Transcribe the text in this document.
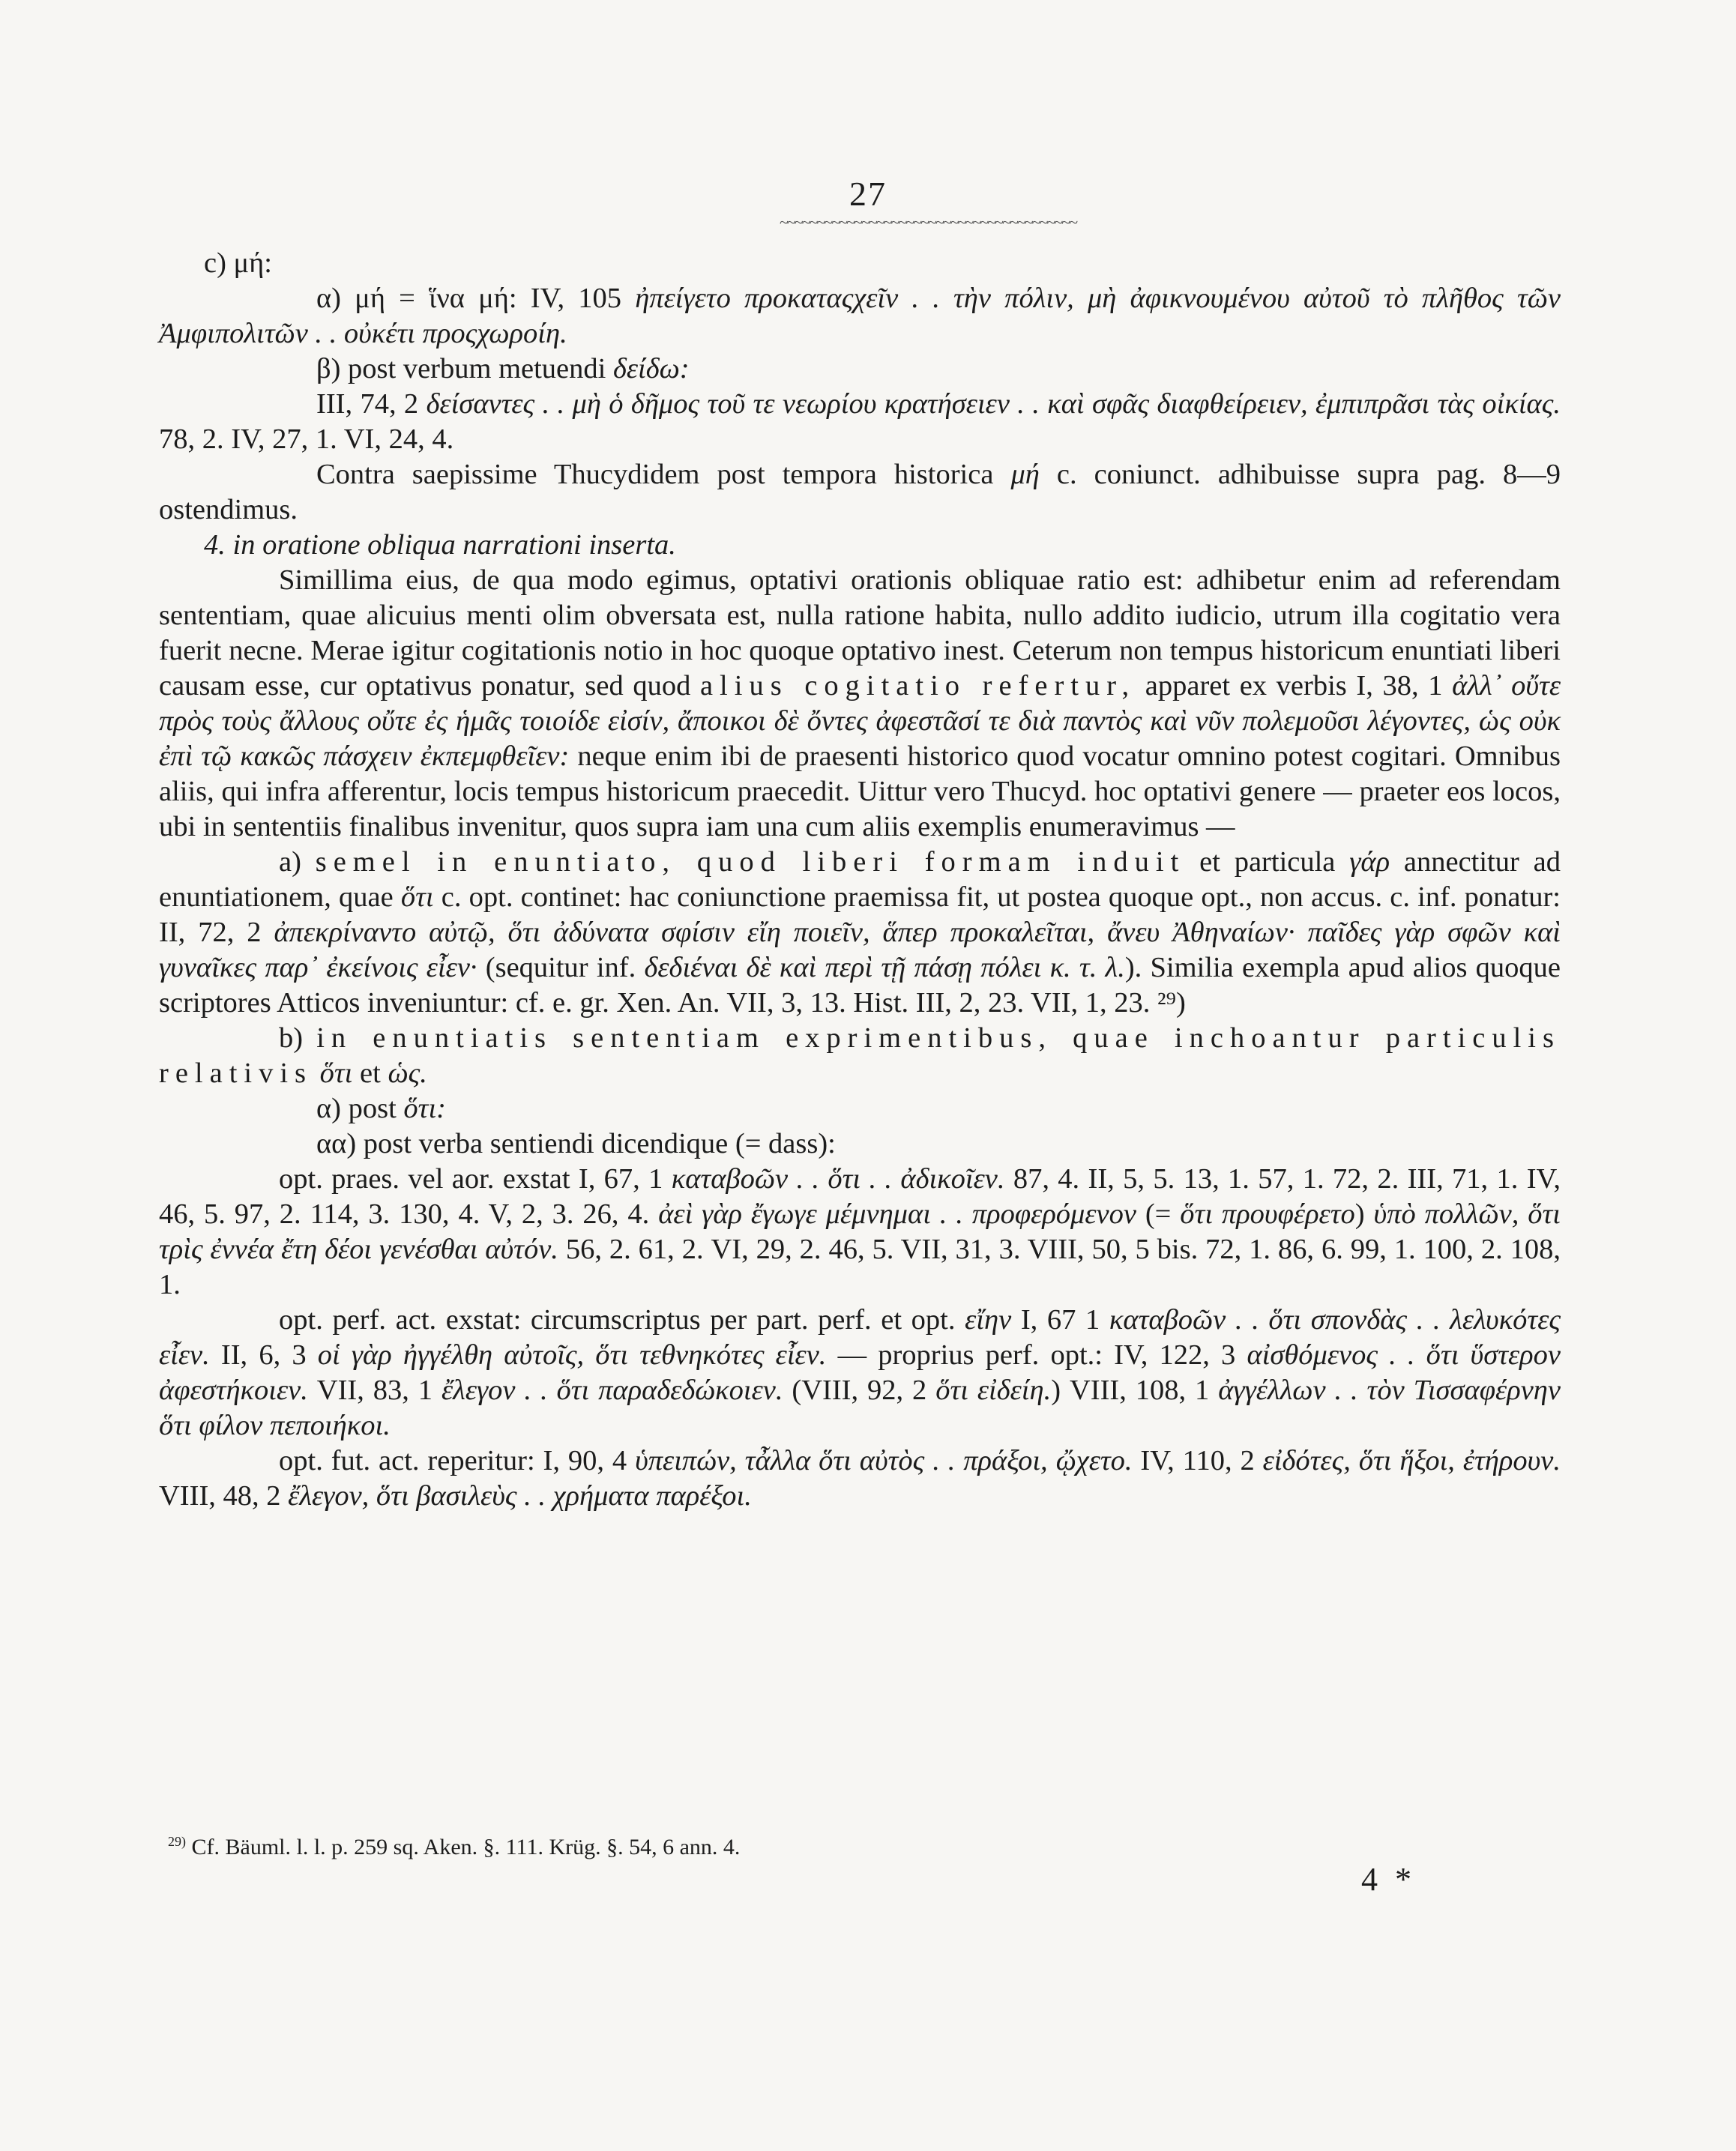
27
~~~~~~~~~~~~~~~~~~~~~~~~~~~~~~~~~~~~~~~~

c) μή:

α) μή = ἵνα μή: IV, 105 ἠπείγετο προκαταςχεῖν . . τὴν πόλιν, μὴ ἀφικνουμένου αὐτοῦ τὸ πλῆθος τῶν Ἀμφιπολιτῶν . . οὐκέτι προςχωροίη.

β) post verbum metuendi δείδω:

III, 74, 2 δείσαντες . . μὴ ὁ δῆμος τοῦ τε νεωρίου κρατήσειεν . . καὶ σφᾶς διαφθείρειεν, ἐμπιπρᾶσι τὰς οἰκίας. 78, 2. IV, 27, 1. VI, 24, 4.

Contra saepissime Thucydidem post tempora historica μή c. coniunct. adhibuisse supra pag. 8—9 ostendimus.

4. in oratione obliqua narrationi inserta.

Simillima eius, de qua modo egimus, optativi orationis obliquae ratio est: adhibetur enim ad referendam sententiam, quae alicuius menti olim obversata est, nulla ratione habita, nullo addito iudicio, utrum illa cogitatio vera fuerit necne. Merae igitur cogitationis notio in hoc quoque optativo inest. Ceterum non tempus historicum enuntiati liberi causam esse, cur optativus ponatur, sed quod alius cogitatio refertur, apparet ex verbis I, 38, 1 ἀλλ᾽ οὔτε πρὸς τοὺς ἄλλους οὔτε ἐς ἡμᾶς τοιοίδε εἰσίν, ἄποικοι δὲ ὄντες ἀφεστᾶσί τε διὰ παντὸς καὶ νῦν πολεμοῦσι λέγοντες, ὡς οὐκ ἐπὶ τῷ κακῶς πάσχειν ἐκπεμφθεῖεν: neque enim ibi de praesenti historico quod vocatur omnino potest cogitari. Omnibus aliis, qui infra afferentur, locis tempus historicum praecedit. Uittur vero Thucyd. hoc optativi genere — praeter eos locos, ubi in sententiis finalibus invenitur, quos supra iam una cum aliis exemplis enumeravimus —

a) semel in enuntiato, quod liberi formam induit et particula γάρ annectitur ad enuntiationem, quae ὅτι c. opt. continet: hac coniunctione praemissa fit, ut postea quoque opt., non accus. c. inf. ponatur: II, 72, 2 ἀπεκρίναντο αὐτῷ, ὅτι ἀδύνατα σφίσιν εἴη ποιεῖν, ἅπερ προκαλεῖται, ἄνευ Ἀθηναίων· παῖδες γὰρ σφῶν καὶ γυναῖκες παρ᾽ ἐκείνοις εἶεν· (sequitur inf. δεδιέναι δὲ καὶ περὶ τῇ πάσῃ πόλει κ. τ. λ.). Similia exempla apud alios quoque scriptores Atticos inveniuntur: cf. e. gr. Xen. An. VII, 3, 13. Hist. III, 2, 23. VII, 1, 23. ²⁹)

b) in enuntiatis sententiam exprimentibus, quae inchoantur particulis relativis ὅτι et ὡς.

α) post ὅτι:

αα) post verba sentiendi dicendique (= dass):

opt. praes. vel aor. exstat I, 67, 1 καταβοῶν . . ὅτι . . ἀδικοῖεν. 87, 4. II, 5, 5. 13, 1. 57, 1. 72, 2. III, 71, 1. IV, 46, 5. 97, 2. 114, 3. 130, 4. V, 2, 3. 26, 4. ἀεὶ γὰρ ἔγωγε μέμνημαι . . προφερόμενον (= ὅτι προυφέρετο) ὑπὸ πολλῶν, ὅτι τρὶς ἐννέα ἔτη δέοι γενέσθαι αὐτόν. 56, 2. 61, 2. VI, 29, 2. 46, 5. VII, 31, 3. VIII, 50, 5 bis. 72, 1. 86, 6. 99, 1. 100, 2. 108, 1.

opt. perf. act. exstat: circumscriptus per part. perf. et opt. εἴην I, 67 1 καταβοῶν . . ὅτι σπονδὰς . . λελυκότες εἶεν. II, 6, 3 οἱ γὰρ ἠγγέλθη αὐτοῖς, ὅτι τεθνηκότες εἶεν. — proprius perf. opt.: IV, 122, 3 αἰσθόμενος . . ὅτι ὕστερον ἀφεστήκοιεν. VII, 83, 1 ἔλεγον . . ὅτι παραδεδώκοιεν. (VIII, 92, 2 ὅτι εἰδείη.) VIII, 108, 1 ἀγγέλλων . . τὸν Τισσαφέρνην ὅτι φίλον πεποιήκοι.

opt. fut. act. reperitur: I, 90, 4 ὑπειπών, τἆλλα ὅτι αὐτὸς . . πράξοι, ᾤχετο. IV, 110, 2 εἰδότες, ὅτι ἥξοι, ἐτήρουν. VIII, 48, 2 ἔλεγον, ὅτι βασιλεὺς . . χρήματα παρέξοι.

$^{29)}$ Cf. Bäuml. l. l. p. 259 sq. Aken. §. 111. Krüg. §. 54, 6 ann. 4.
4 *
